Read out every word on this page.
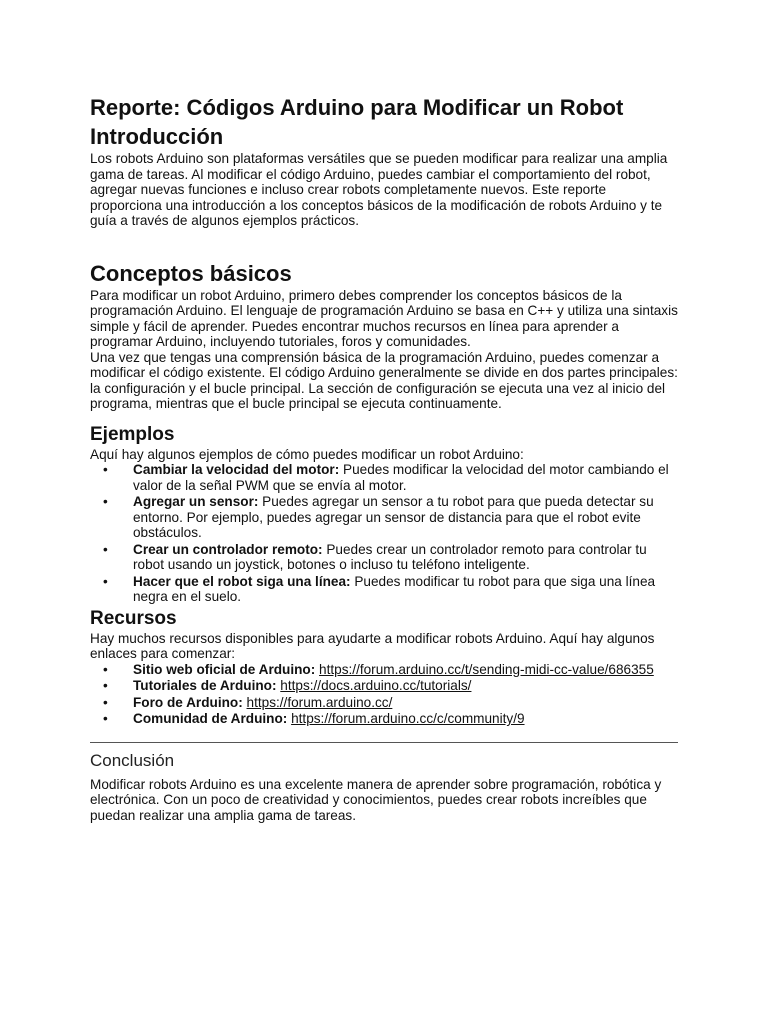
Reporte: Códigos Arduino para Modificar un Robot
Introducción

Los robots Arduino son plataformas versátiles que se pueden modificar para realizar una amplia gama de tareas. Al modificar el código Arduino, puedes cambiar el comportamiento del robot, agregar nuevas funciones e incluso crear robots completamente nuevos. Este reporte proporciona una introducción a los conceptos básicos de la modificación de robots Arduino y te guía a través de algunos ejemplos prácticos.

Conceptos básicos

Para modificar un robot Arduino, primero debes comprender los conceptos básicos de la programación Arduino. El lenguaje de programación Arduino se basa en C++ y utiliza una sintaxis simple y fácil de aprender. Puedes encontrar muchos recursos en línea para aprender a programar Arduino, incluyendo tutoriales, foros y comunidades.

Una vez que tengas una comprensión básica de la programación Arduino, puedes comenzar a modificar el código existente. El código Arduino generalmente se divide en dos partes principales: la configuración y el bucle principal. La sección de configuración se ejecuta una vez al inicio del programa, mientras que el bucle principal se ejecuta continuamente.

Ejemplos

Aquí hay algunos ejemplos de cómo puedes modificar un robot Arduino:

• Cambiar la velocidad del motor: Puedes modificar la velocidad del motor cambiando el valor de la señal PWM que se envía al motor.
• Agregar un sensor: Puedes agregar un sensor a tu robot para que pueda detectar su entorno. Por ejemplo, puedes agregar un sensor de distancia para que el robot evite obstáculos.
• Crear un controlador remoto: Puedes crear un controlador remoto para controlar tu robot usando un joystick, botones o incluso tu teléfono inteligente.
• Hacer que el robot siga una línea: Puedes modificar tu robot para que siga una línea negra en el suelo.
Recursos

Hay muchos recursos disponibles para ayudarte a modificar robots Arduino. Aquí hay algunos enlaces para comenzar:

• Sitio web oficial de Arduino: https://forum.arduino.cc/t/sending-midi-cc-value/686355
• Tutoriales de Arduino: https://docs.arduino.cc/tutorials/
• Foro de Arduino: https://forum.arduino.cc/
• Comunidad de Arduino: https://forum.arduino.cc/c/community/9
Conclusión

Modificar robots Arduino es una excelente manera de aprender sobre programación, robótica y electrónica. Con un poco de creatividad y conocimientos, puedes crear robots increíbles que puedan realizar una amplia gama de tareas.
